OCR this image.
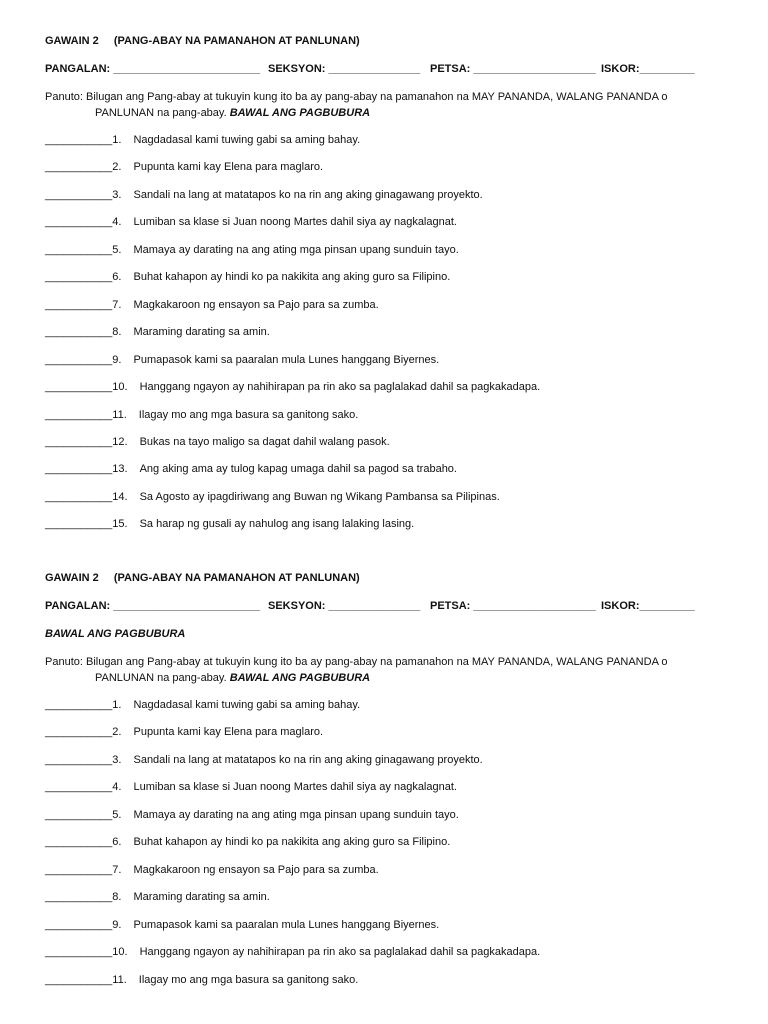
GAWAIN 2 (PANG-ABAY NA PAMANAHON AT PANLUNAN)
PANGALAN: ________________________ SEKSYON: _______________ PETSA: ____________________ ISKOR:_________
Panuto: Bilugan ang Pang-abay at tukuyin kung ito ba ay pang-abay na pamanahon na MAY PANANDA, WALANG PANANDA o
PANLUNAN na pang-abay. BAWAL ANG PAGBUBURA
___________1. Nagdadasal kami tuwing gabi sa aming bahay.
___________2. Pupunta kami kay Elena para maglaro.
___________3. Sandali na lang at matatapos ko na rin ang aking ginagawang proyekto.
___________4. Lumiban sa klase si Juan noong Martes dahil siya ay nagkalagnat.
___________5. Mamaya ay darating na ang ating mga pinsan upang sunduin tayo.
___________6. Buhat kahapon ay hindi ko pa nakikita ang aking guro sa Filipino.
___________7. Magkakaroon ng ensayon sa Pajo para sa zumba.
___________8. Maraming darating sa amin.
___________9. Pumapasok kami sa paaralan mula Lunes hanggang Biyernes.
___________10. Hanggang ngayon ay nahihirapan pa rin ako sa paglalakad dahil sa pagkakadapa.
___________11. Ilagay mo ang mga basura sa ganitong sako.
___________12. Bukas na tayo maligo sa dagat dahil walang pasok.
___________13. Ang aking ama ay tulog kapag umaga dahil sa pagod sa trabaho.
___________14. Sa Agosto ay ipagdiriwang ang Buwan ng Wikang Pambansa sa Pilipinas.
___________15. Sa harap ng gusali ay nahulog ang isang lalaking lasing.
GAWAIN 2 (PANG-ABAY NA PAMANAHON AT PANLUNAN)
PANGALAN: ________________________ SEKSYON: _______________ PETSA: ____________________ ISKOR:_________
BAWAL ANG PAGBUBURA
Panuto: Bilugan ang Pang-abay at tukuyin kung ito ba ay pang-abay na pamanahon na MAY PANANDA, WALANG PANANDA o
PANLUNAN na pang-abay. BAWAL ANG PAGBUBURA
___________1. Nagdadasal kami tuwing gabi sa aming bahay.
___________2. Pupunta kami kay Elena para maglaro.
___________3. Sandali na lang at matatapos ko na rin ang aking ginagawang proyekto.
___________4. Lumiban sa klase si Juan noong Martes dahil siya ay nagkalagnat.
___________5. Mamaya ay darating na ang ating mga pinsan upang sunduin tayo.
___________6. Buhat kahapon ay hindi ko pa nakikita ang aking guro sa Filipino.
___________7. Magkakaroon ng ensayon sa Pajo para sa zumba.
___________8. Maraming darating sa amin.
___________9. Pumapasok kami sa paaralan mula Lunes hanggang Biyernes.
___________10. Hanggang ngayon ay nahihirapan pa rin ako sa paglalakad dahil sa pagkakadapa.
___________11. Ilagay mo ang mga basura sa ganitong sako.
